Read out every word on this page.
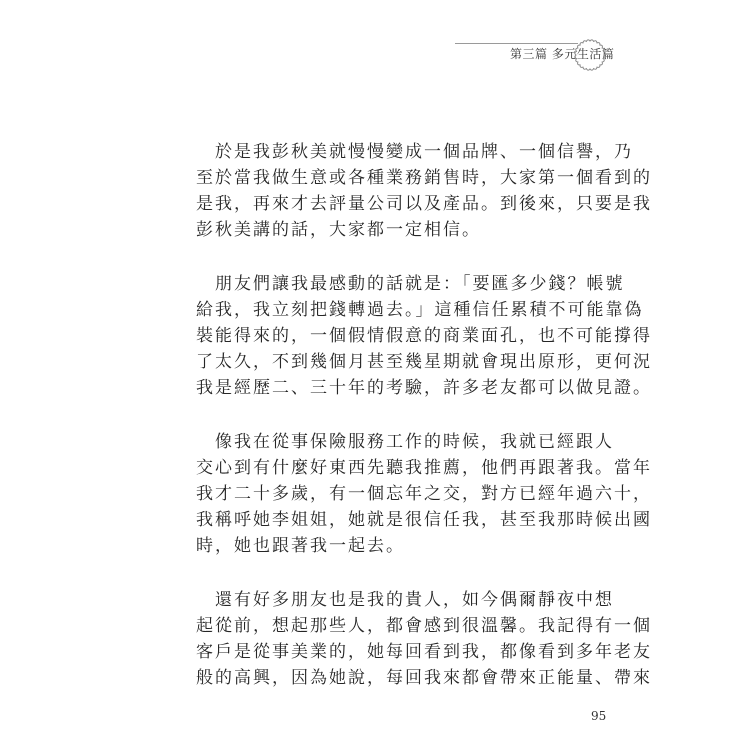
第三篇 多元生活篇

　於是我彭秋美就慢慢變成一個品牌、一個信譽，乃
至於當我做生意或各種業務銷售時，大家第一個看到的
是我，再來才去評量公司以及產品。到後來，只要是我
彭秋美講的話，大家都一定相信。

　朋友們讓我最感動的話就是：「要匯多少錢？帳號
給我，我立刻把錢轉過去。」這種信任累積不可能靠偽
裝能得來的，一個假情假意的商業面孔，也不可能撐得
了太久，不到幾個月甚至幾星期就會現出原形，更何況
我是經歷二、三十年的考驗，許多老友都可以做見證。

　像我在從事保險服務工作的時候，我就已經跟人
交心到有什麼好東西先聽我推薦，他們再跟著我。當年
我才二十多歲，有一個忘年之交，對方已經年過六十，
我稱呼她李姐姐，她就是很信任我，甚至我那時候出國
時，她也跟著我一起去。

　還有好多朋友也是我的貴人，如今偶爾靜夜中想
起從前，想起那些人，都會感到很溫馨。我記得有一個
客戶是從事美業的，她每回看到我，都像看到多年老友
般的高興，因為她說，每回我來都會帶來正能量、帶來

95
